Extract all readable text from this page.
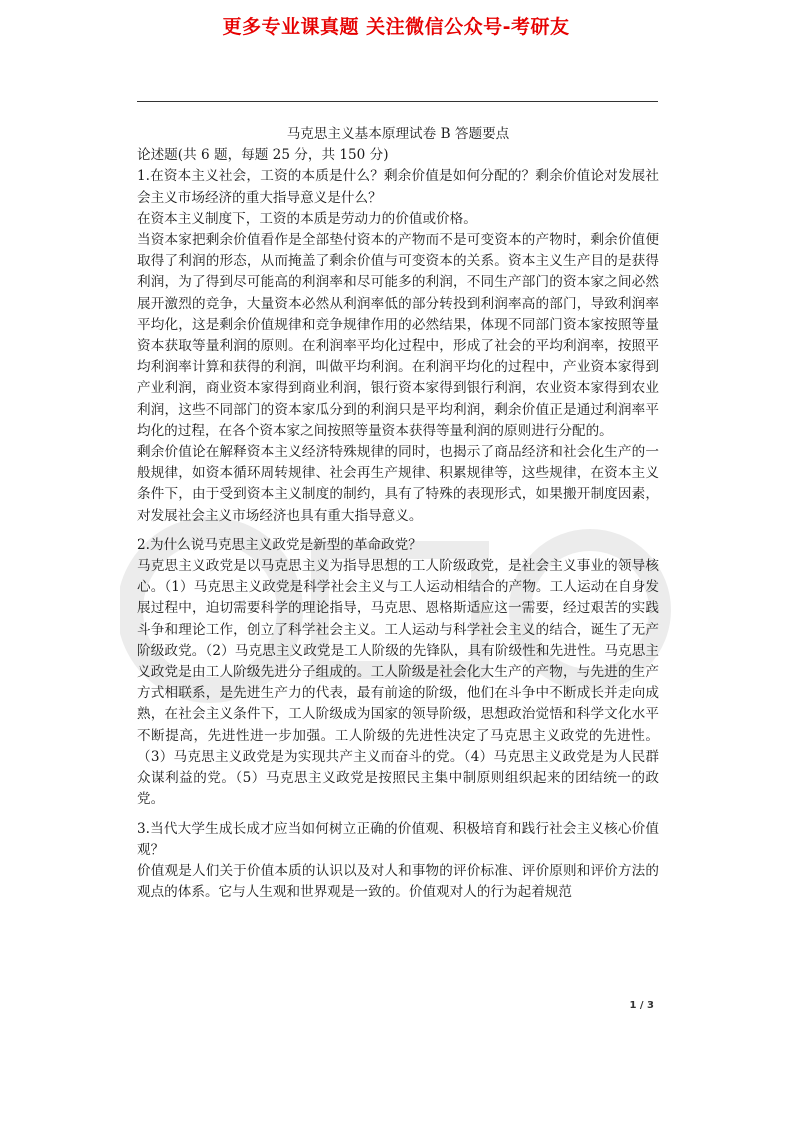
更多专业课真题 关注微信公众号-考研友

马克思主义基本原理试卷 B 答题要点

论述题(共 6 题，每题 25 分，共 150 分)

1.在资本主义社会，工资的本质是什么？剩余价值是如何分配的？剩余价值论对发展社会主义市场经济的重大指导意义是什么？

在资本主义制度下，工资的本质是劳动力的价值或价格。

当资本家把剩余价值看作是全部垫付资本的产物而不是可变资本的产物时，剩余价值便取得了利润的形态，从而掩盖了剩余价值与可变资本的关系。资本主义生产目的是获得利润，为了得到尽可能高的利润率和尽可能多的利润，不同生产部门的资本家之间必然展开激烈的竞争，大量资本必然从利润率低的部分转投到利润率高的部门，导致利润率平均化，这是剩余价值规律和竞争规律作用的必然结果，体现不同部门资本家按照等量资本获取等量利润的原则。在利润率平均化过程中，形成了社会的平均利润率，按照平均利润率计算和获得的利润，叫做平均利润。在利润平均化的过程中，产业资本家得到产业利润，商业资本家得到商业利润，银行资本家得到银行利润，农业资本家得到农业利润，这些不同部门的资本家瓜分到的利润只是平均利润，剩余价值正是通过利润率平均化的过程，在各个资本家之间按照等量资本获得等量利润的原则进行分配的。

剩余价值论在解释资本主义经济特殊规律的同时，也揭示了商品经济和社会化生产的一般规律，如资本循环周转规律、社会再生产规律、积累规律等，这些规律，在资本主义条件下，由于受到资本主义制度的制约，具有了特殊的表现形式，如果搬开制度因素，对发展社会主义市场经济也具有重大指导意义。

2.为什么说马克思主义政党是新型的革命政党？

马克思主义政党是以马克思主义为指导思想的工人阶级政党，是社会主义事业的领导核心。（1）马克思主义政党是科学社会主义与工人运动相结合的产物。工人运动在自身发展过程中，迫切需要科学的理论指导，马克思、恩格斯适应这一需要，经过艰苦的实践斗争和理论工作，创立了科学社会主义。工人运动与科学社会主义的结合，诞生了无产阶级政党。（2）马克思主义政党是工人阶级的先锋队，具有阶级性和先进性。马克思主义政党是由工人阶级先进分子组成的。工人阶级是社会化大生产的产物，与先进的生产方式相联系，是先进生产力的代表，最有前途的阶级，他们在斗争中不断成长并走向成熟，在社会主义条件下，工人阶级成为国家的领导阶级，思想政治觉悟和科学文化水平不断提高，先进性进一步加强。工人阶级的先进性决定了马克思主义政党的先进性。（3）马克思主义政党是为实现共产主义而奋斗的党。（4）马克思主义政党是为人民群众谋利益的党。（5）马克思主义政党是按照民主集中制原则组织起来的团结统一的政党。

3.当代大学生成长成才应当如何树立正确的价值观、积极培育和践行社会主义核心价值观？

价值观是人们关于价值本质的认识以及对人和事物的评价标准、评价原则和评价方法的观点的体系。它与人生观和世界观是一致的。价值观对人的行为起着规范

1 / 3
